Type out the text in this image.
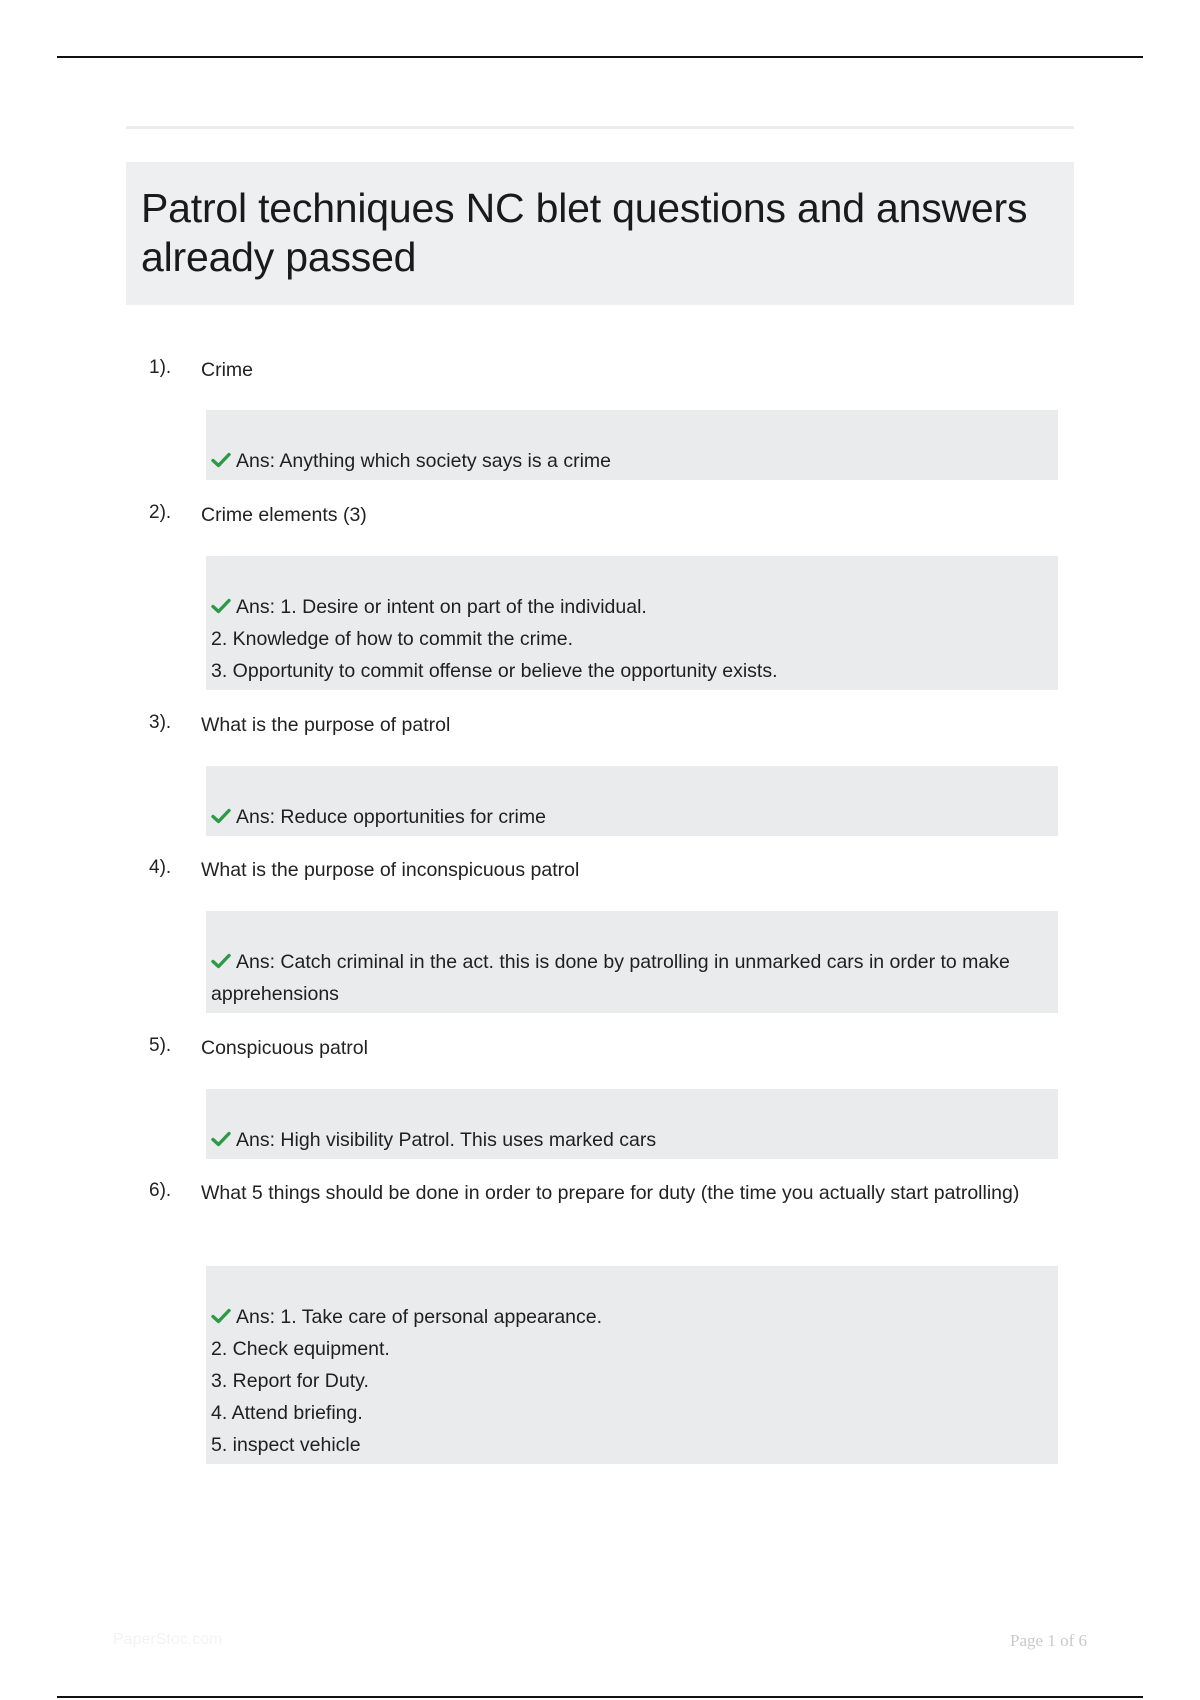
Patrol techniques NC blet questions and answers already passed
1). Crime

Ans: Anything which society says is a crime

2). Crime elements (3)

Ans: 1. Desire or intent on part of the individual.
2. Knowledge of how to commit the crime.
3. Opportunity to commit offense or believe the opportunity exists.

3). What is the purpose of patrol

Ans: Reduce opportunities for crime

4). What is the purpose of inconspicuous patrol

Ans: Catch criminal in the act. this is done by patrolling in unmarked cars in order to make apprehensions

5). Conspicuous patrol

Ans: High visibility Patrol. This uses marked cars

6). What 5 things should be done in order to prepare for duty (the time you actually start patrolling)

Ans: 1. Take care of personal appearance.
2. Check equipment.
3. Report for Duty.
4. Attend briefing.
5. inspect vehicle

PaperStoc.com	Page 1 of 6
